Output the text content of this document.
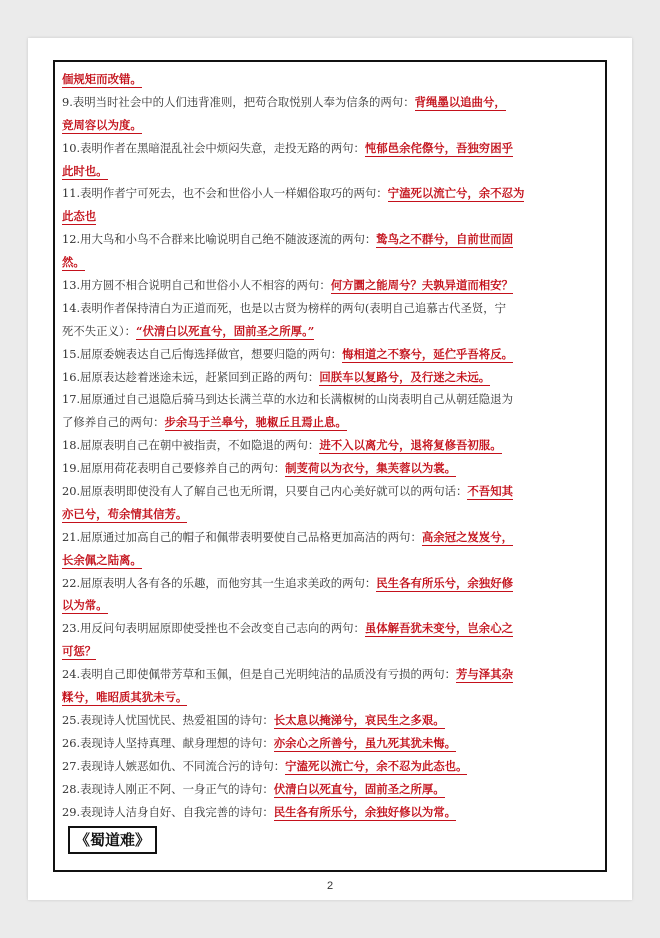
偭规矩而改错。
9.表明当时社会中的人们违背准则，把苟合取悦别人奉为信条的两句：背绳墨以追曲兮，
竞周容以为度。
10.表明作者在黑暗混乱社会中烦闷失意，走投无路的两句：忳郁邑余侘傺兮，吾独穷困乎
此时也。
11.表明作者宁可死去，也不会和世俗小人一样媚俗取巧的两句：宁溘死以流亡兮，余不忍为
此态也
12.用大鸟和小鸟不合群来比喻说明自己绝不随波逐流的两句：鸷鸟之不群兮，自前世而固
然。
13.用方圆不相合说明自己和世俗小人不相容的两句：何方圜之能周兮？夫孰异道而相安？
14.表明作者保持清白为正道而死，也是以古贤为榜样的两句(表明自己追慕古代圣贤，宁
死不失正义）：“伏清白以死直兮，固前圣之所厚。”
15.屈原委婉表达自己后悔选择做官，想要归隐的两句：悔相道之不察兮，延伫乎吾将反。
16.屈原表达趁着迷途未远，赶紧回到正路的两句：回朕车以复路兮，及行迷之未远。
17.屈原通过自己退隐后骑马到达长满兰草的水边和长满椒树的山岗表明自己从朝廷隐退为
了修养自己的两句：步余马于兰皋兮，驰椒丘且焉止息。
18.屈原表明自己在朝中被指责，不如隐退的两句：进不入以离尤兮，退将复修吾初服。
19.屈原用荷花表明自己要修养自己的两句：制芰荷以为衣兮，集芙蓉以为裳。
20.屈原表明即使没有人了解自己也无所谓，只要自己内心美好就可以的两句话：不吾知其
亦已兮，苟余情其信芳。
21.屈原通过加高自己的帽子和佩带表明要使自己品格更加高洁的两句：高余冠之岌岌兮，
长余佩之陆离。
22.屈原表明人各有各的乐趣，而他穷其一生追求美政的两句：民生各有所乐兮，余独好修
以为常。
23.用反问句表明屈原即使受挫也不会改变自己志向的两句：虽体解吾犹未变兮，岂余心之
可惩？
24.表明自己即使佩带芳草和玉佩，但是自己光明纯洁的品质没有亏损的两句：芳与泽其杂
糅兮，唯昭质其犹未亏。
25.表现诗人忧国忧民、热爱祖国的诗句：长太息以掩涕兮，哀民生之多艰。
26.表现诗人坚持真理、献身理想的诗句：亦余心之所善兮，虽九死其犹未悔。
27.表现诗人嫉恶如仇、不同流合污的诗句：宁溘死以流亡兮，余不忍为此态也。
28.表现诗人刚正不阿、一身正气的诗句：伏清白以死直兮，固前圣之所厚。
29.表现诗人洁身自好、自我完善的诗句：民生各有所乐兮，余独好修以为常。
《蜀道难》
2
